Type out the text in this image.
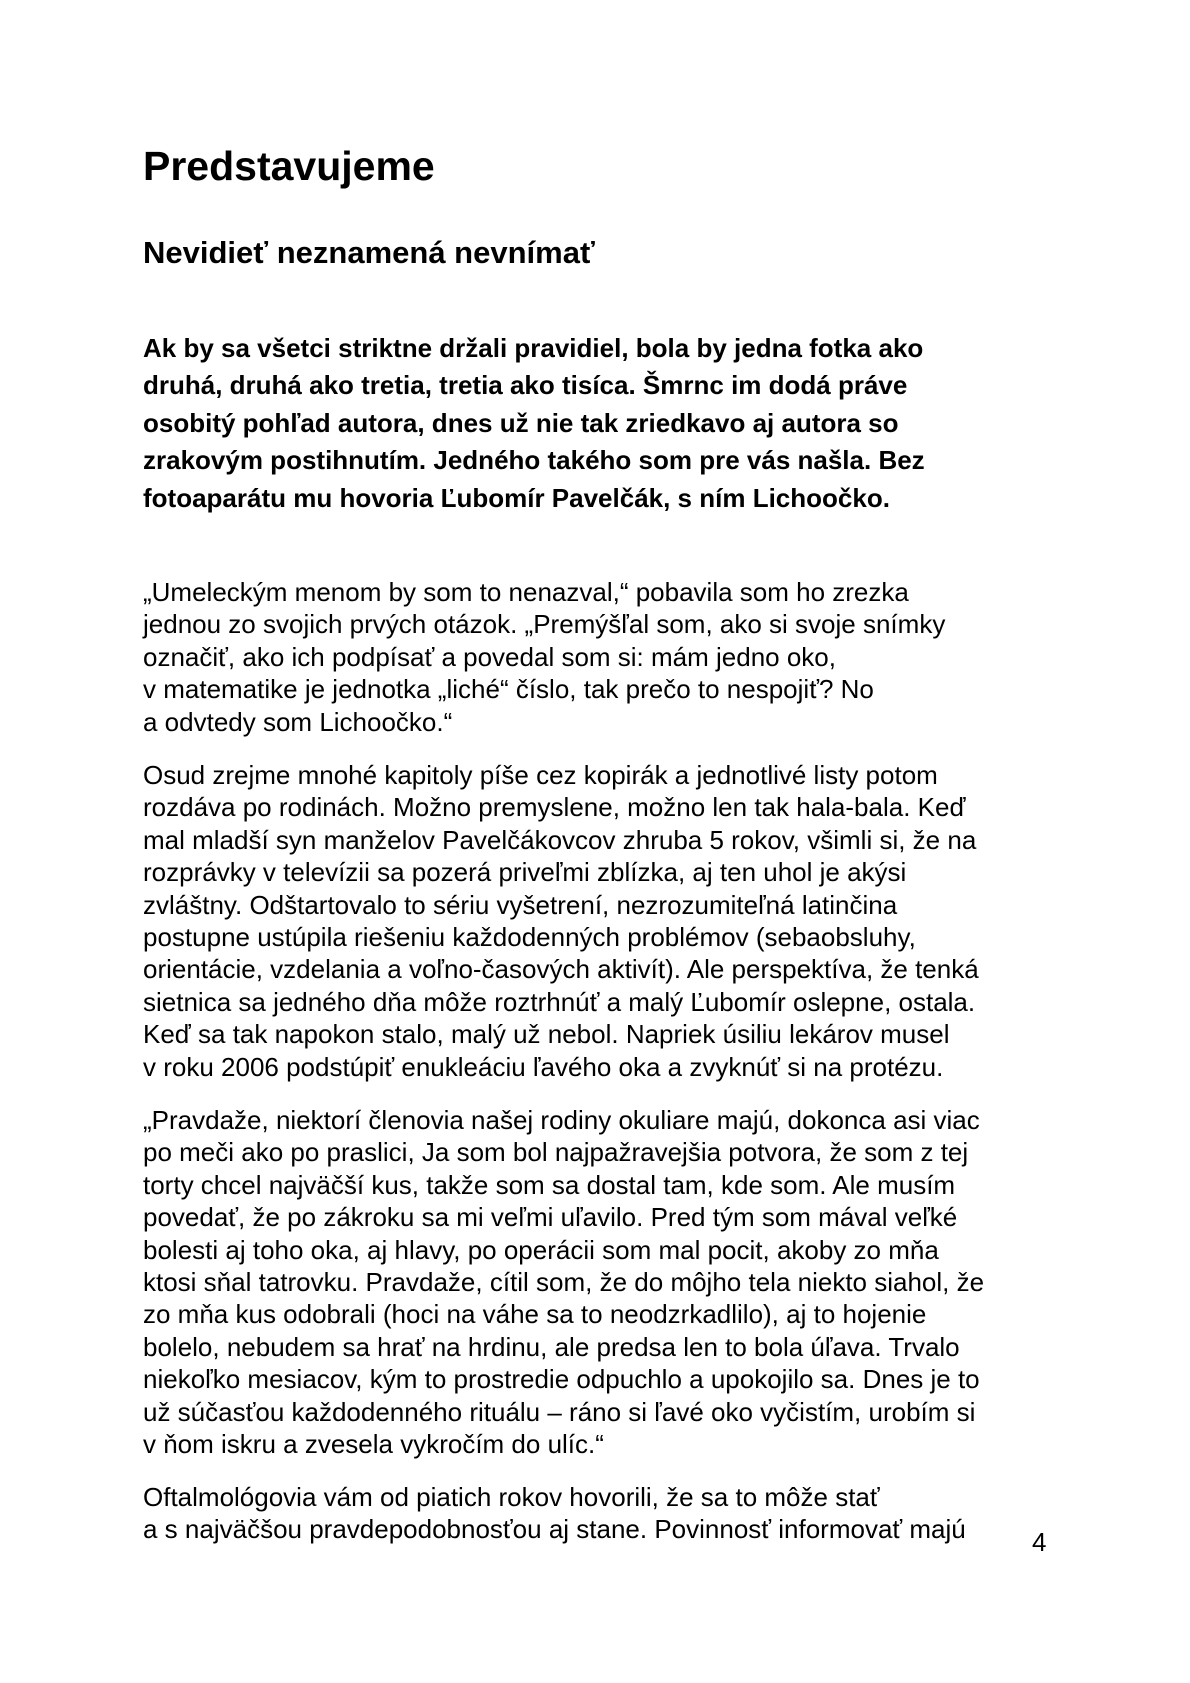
Predstavujeme
Nevidieť neznamená nevnímať
Ak by sa všetci striktne držali pravidiel, bola by jedna fotka ako
druhá, druhá ako tretia, tretia ako tisíca. Šmrnc im dodá práve
osobitý pohľad autora, dnes už nie tak zriedkavo aj autora so
zrakovým postihnutím. Jedného takého som pre vás našla. Bez
fotoaparátu mu hovoria Ľubomír Pavelčák, s ním Lichoočko.
„Umeleckým menom by som to nenazval,“ pobavila som ho zrezka
jednou zo svojich prvých otázok. „Premýšľal som, ako si svoje snímky
označiť, ako ich podpísať a povedal som si: mám jedno oko,
v matematike je jednotka „liché“ číslo, tak prečo to nespojiť? No
a odvtedy som Lichoočko.“
Osud zrejme mnohé kapitoly píše cez kopirák a jednotlivé listy potom
rozdáva po rodinách. Možno premyslene, možno len tak hala-bala. Keď
mal mladší syn manželov Pavelčákovcov zhruba 5 rokov, všimli si, že na
rozprávky v televízii sa pozerá priveľmi zblízka, aj ten uhol je akýsi
zvláštny. Odštartovalo to sériu vyšetrení, nezrozumiteľná latinčina
postupne ustúpila riešeniu každodenných problémov (sebaobsluhy,
orientácie, vzdelania a voľno-časových aktivít). Ale perspektíva, že tenká
sietnica sa jedného dňa môže roztrhnúť a malý Ľubomír oslepne, ostala.
Keď sa tak napokon stalo, malý už nebol. Napriek úsiliu lekárov musel
v roku 2006 podstúpiť enukleáciu ľavého oka a zvyknúť si na protézu.
„Pravdaže, niektorí členovia našej rodiny okuliare majú, dokonca asi viac
po meči ako po praslici, Ja som bol najpažravejšia potvora, že som z tej
torty chcel najväčší kus, takže som sa dostal tam, kde som. Ale musím
povedať, že po zákroku sa mi veľmi uľavilo. Pred tým som mával veľké
bolesti aj toho oka, aj hlavy, po operácii som mal pocit, akoby zo mňa
ktosi sňal tatrovku. Pravdaže, cítil som, že do môjho tela niekto siahol, že
zo mňa kus odobrali (hoci na váhe sa to neodzrkadlilo), aj to hojenie
bolelo, nebudem sa hrať na hrdinu, ale predsa len to bola úľava. Trvalo
niekoľko mesiacov, kým to prostredie odpuchlo a upokojilo sa. Dnes je to
už súčasťou každodenného rituálu – ráno si ľavé oko vyčistím, urobím si
v ňom iskru a zvesela vykročím do ulíc.“
Oftalmológovia vám od piatich rokov hovorili, že sa to môže stať
a s najväčšou pravdepodobnosťou aj stane. Povinnosť informovať majú	4
